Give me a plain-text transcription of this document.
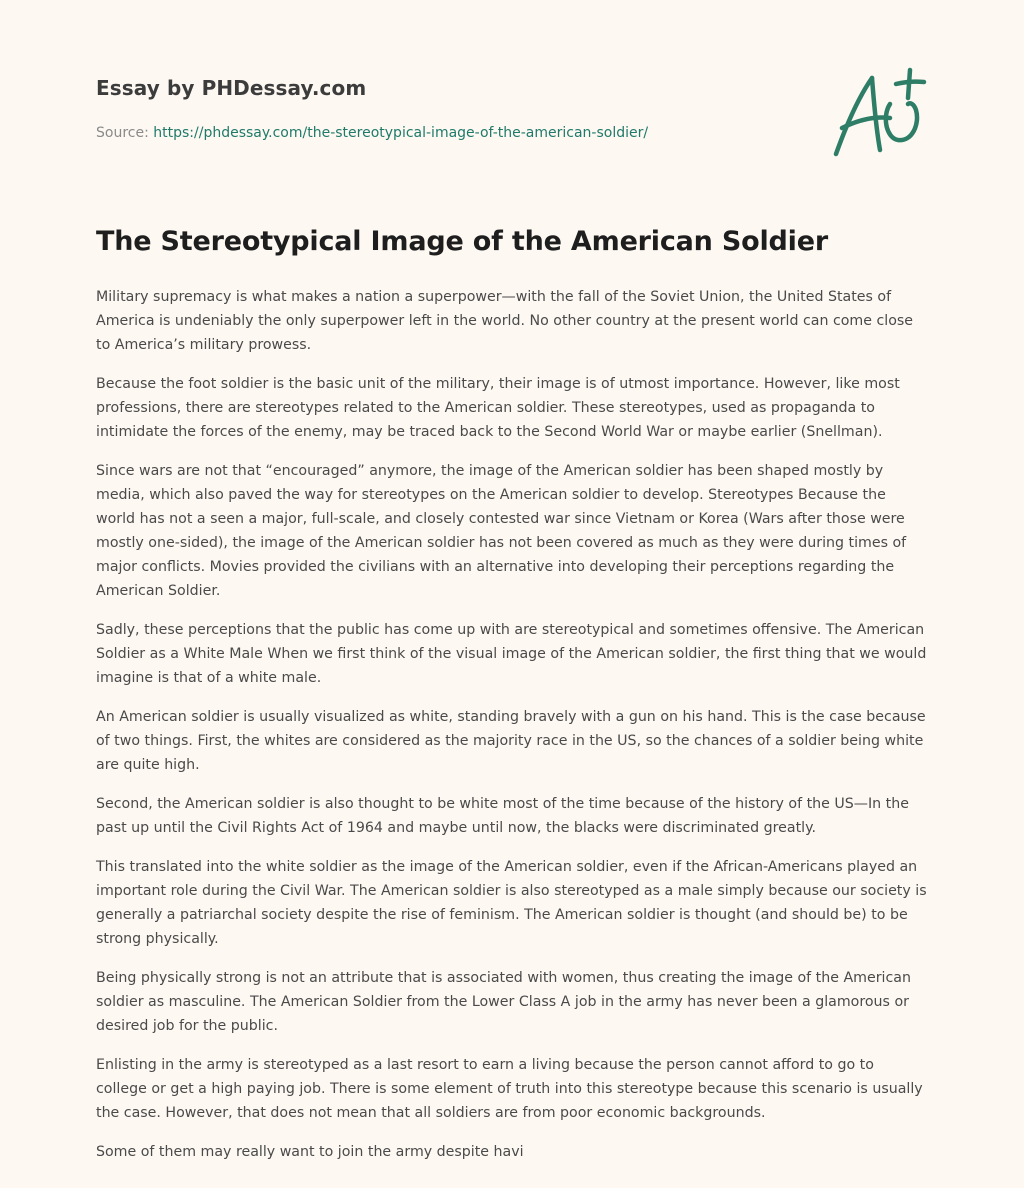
Essay by PHDessay.com
Source: https://phdessay.com/the-stereotypical-image-of-the-american-soldier/
The Stereotypical Image of the American Soldier

Military supremacy is what makes a nation a superpower—with the fall of the Soviet Union, the United States of America is undeniably the only superpower left in the world. No other country at the present world can come close to America’s military prowess.

Because the foot soldier is the basic unit of the military, their image is of utmost importance. However, like most professions, there are stereotypes related to the American soldier. These stereotypes, used as propaganda to intimidate the forces of the enemy, may be traced back to the Second World War or maybe earlier (Snellman).

Since wars are not that “encouraged” anymore, the image of the American soldier has been shaped mostly by media, which also paved the way for stereotypes on the American soldier to develop. Stereotypes Because the world has not a seen a major, full-scale, and closely contested war since Vietnam or Korea (Wars after those were mostly one-sided), the image of the American soldier has not been covered as much as they were during times of major conflicts. Movies provided the civilians with an alternative into developing their perceptions regarding the American Soldier.

Sadly, these perceptions that the public has come up with are stereotypical and sometimes offensive. The American Soldier as a White Male When we first think of the visual image of the American soldier, the first thing that we would imagine is that of a white male.

An American soldier is usually visualized as white, standing bravely with a gun on his hand. This is the case because of two things. First, the whites are considered as the majority race in the US, so the chances of a soldier being white are quite high.

Second, the American soldier is also thought to be white most of the time because of the history of the US—In the past up until the Civil Rights Act of 1964 and maybe until now, the blacks were discriminated greatly.

This translated into the white soldier as the image of the American soldier, even if the African-Americans played an important role during the Civil War. The American soldier is also stereotyped as a male simply because our society is generally a patriarchal society despite the rise of feminism. The American soldier is thought (and should be) to be strong physically.

Being physically strong is not an attribute that is associated with women, thus creating the image of the American soldier as masculine. The American Soldier from the Lower Class A job in the army has never been a glamorous or desired job for the public.

Enlisting in the army is stereotyped as a last resort to earn a living because the person cannot afford to go to college or get a high paying job. There is some element of truth into this stereotype because this scenario is usually the case. However, that does not mean that all soldiers are from poor economic backgrounds.

Some of them may really want to join the army despite havi
